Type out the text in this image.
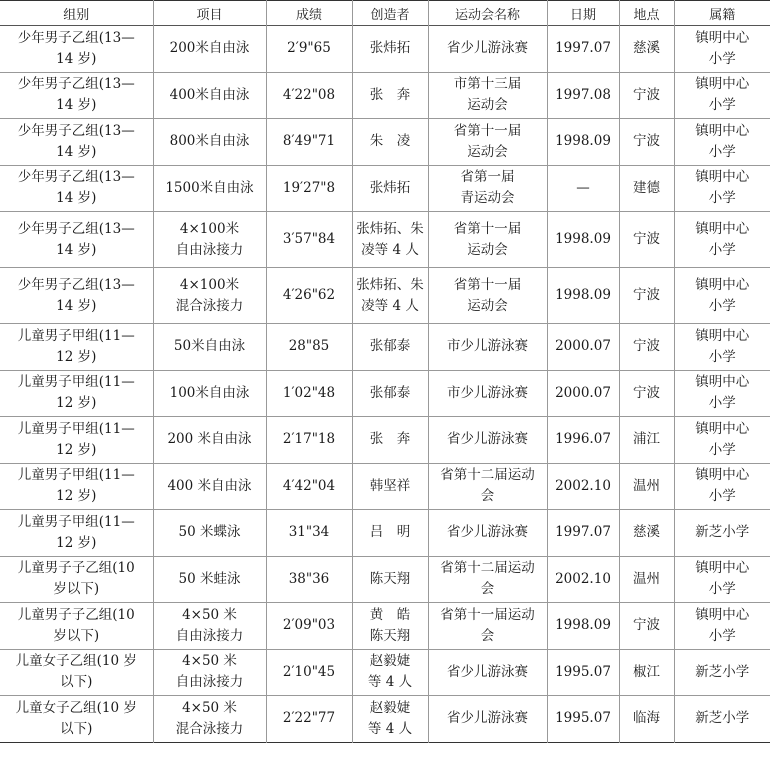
组别	项目	成绩	创造者	运动会名称	日期	地点	属籍

少年男子乙组(13—
14 岁)	200米自由泳	2′9"65	张炜拓	省少儿游泳赛	1997.07	慈溪	镇明中心
小学

少年男子乙组(13—
14 岁)	400米自由泳	4′22"08	张　奔	市第十三届
运动会	1997.08	宁波	镇明中心
小学

少年男子乙组(13—
14 岁)	800米自由泳	8′49"71	朱　凌	省第十一届
运动会	1998.09	宁波	镇明中心
小学

少年男子乙组(13—
14 岁)	1500米自由泳	19′27"8	张炜拓	省第一届
青运动会	—	建德	镇明中心
小学

少年男子乙组(13—
14 岁)	4×100米
自由泳接力	3′57"84	张炜拓、朱
凌等 4 人	省第十一届
运动会	1998.09	宁波	镇明中心
小学

少年男子乙组(13—
14 岁)	4×100米
混合泳接力	4′26"62	张炜拓、朱
凌等 4 人	省第十一届
运动会	1998.09	宁波	镇明中心
小学

儿童男子甲组(11—
12 岁)	50米自由泳	28"85	张郁泰	市少儿游泳赛	2000.07	宁波	镇明中心
小学

儿童男子甲组(11—
12 岁)	100米自由泳	1′02"48	张郁泰	市少儿游泳赛	2000.07	宁波	镇明中心
小学

儿童男子甲组(11—
12 岁)	200 米自由泳	2′17"18	张　奔	省少儿游泳赛	1996.07	浦江	镇明中心
小学

儿童男子甲组(11—
12 岁)	400 米自由泳	4′42"04	韩坚祥	省第十二届运动
会	2002.10	温州	镇明中心
小学

儿童男子甲组(11—
12 岁)	50 米蝶泳	31"34	吕　明	省少儿游泳赛	1997.07	慈溪	新芝小学

儿童男子子乙组(10
岁以下)	50 米蛙泳	38"36	陈天翔	省第十二届运动
会	2002.10	温州	镇明中心
小学

儿童男子子乙组(10
岁以下)	4×50 米
自由泳接力	2′09"03	黄　皓
陈天翔	省第十一届运动
会	1998.09	宁波	镇明中心
小学

儿童女子乙组(10 岁
以下)	4×50 米
自由泳接力	2′10"45	赵毅婕
等 4 人	省少儿游泳赛	1995.07	椒江	新芝小学

儿童女子乙组(10 岁
以下)	4×50 米
混合泳接力	2′22"77	赵毅婕
等 4 人	省少儿游泳赛	1995.07	临海	新芝小学
